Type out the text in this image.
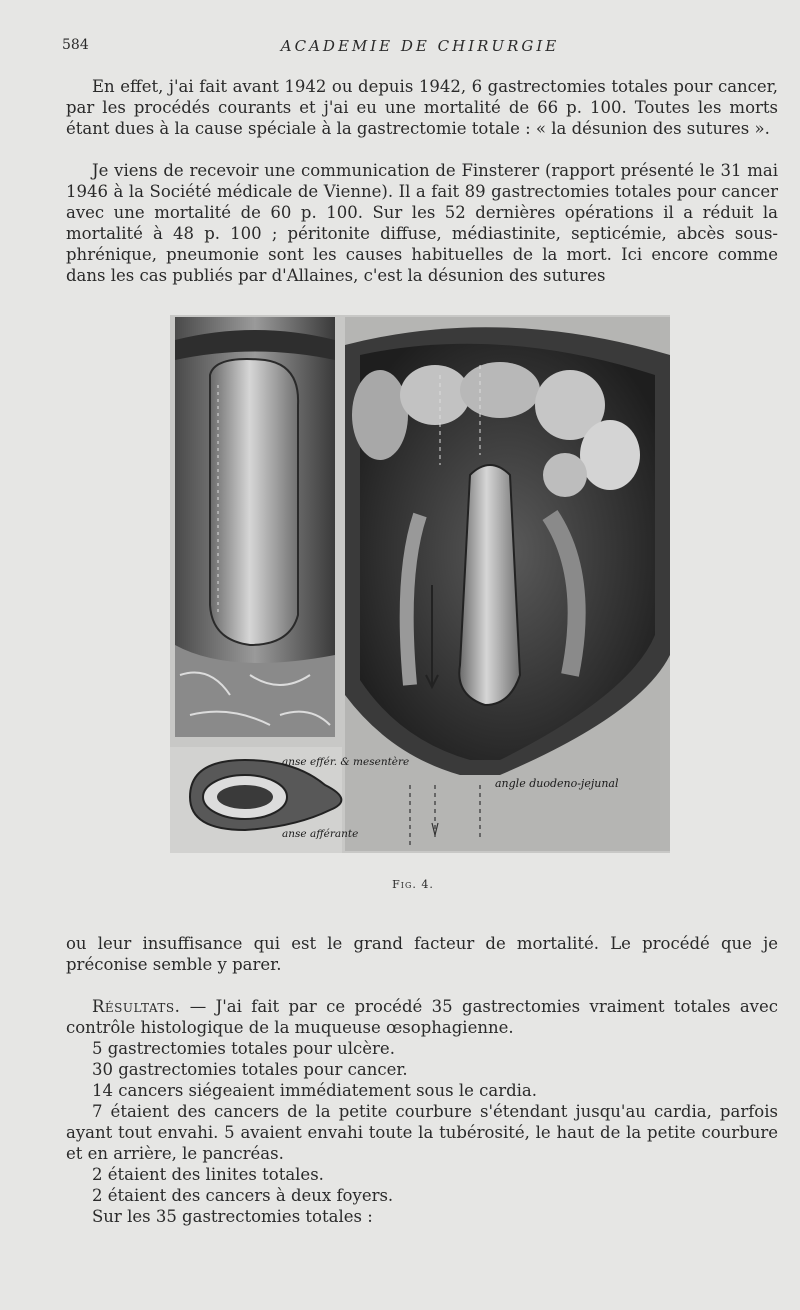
584	ACADEMIE DE CHIRURGIE

En effet, j'ai fait avant 1942 ou depuis 1942, 6 gastrectomies totales pour cancer, par les procédés courants et j'ai eu une mortalité de 66 p. 100. Toutes les morts étant dues à la cause spéciale à la gastrectomie totale : « la désunion des sutures ».

Je viens de recevoir une communication de Finsterer (rapport présenté le 31 mai 1946 à la Société médicale de Vienne). Il a fait 89 gastrectomies totales pour cancer avec une mortalité de 60 p. 100. Sur les 52 dernières opérations il a réduit la mortalité à 48 p. 100 ; péritonite diffuse, médiastinite, septicémie, abcès sous-phrénique, pneumonie sont les causes habituelles de la mort. Ici encore comme dans les cas publiés par d'Allaines, c'est la désunion des sutures

angle duodeno-jejunal
anse effér. & mesentère
anse afférante
Fig. 4.

ou leur insuffisance qui est le grand facteur de mortalité. Le procédé que je préconise semble y parer.

Résultats. — J'ai fait par ce procédé 35 gastrectomies vraiment totales avec contrôle histologique de la muqueuse œsophagienne.

5 gastrectomies totales pour ulcère.

30 gastrectomies totales pour cancer.

14 cancers siégeaient immédiatement sous le cardia.

7 étaient des cancers de la petite courbure s'étendant jusqu'au cardia, parfois ayant tout envahi. 5 avaient envahi toute la tubérosité, le haut de la petite courbure et en arrière, le pancréas.

2 étaient des linites totales.

2 étaient des cancers à deux foyers.

Sur les 35 gastrectomies totales :
